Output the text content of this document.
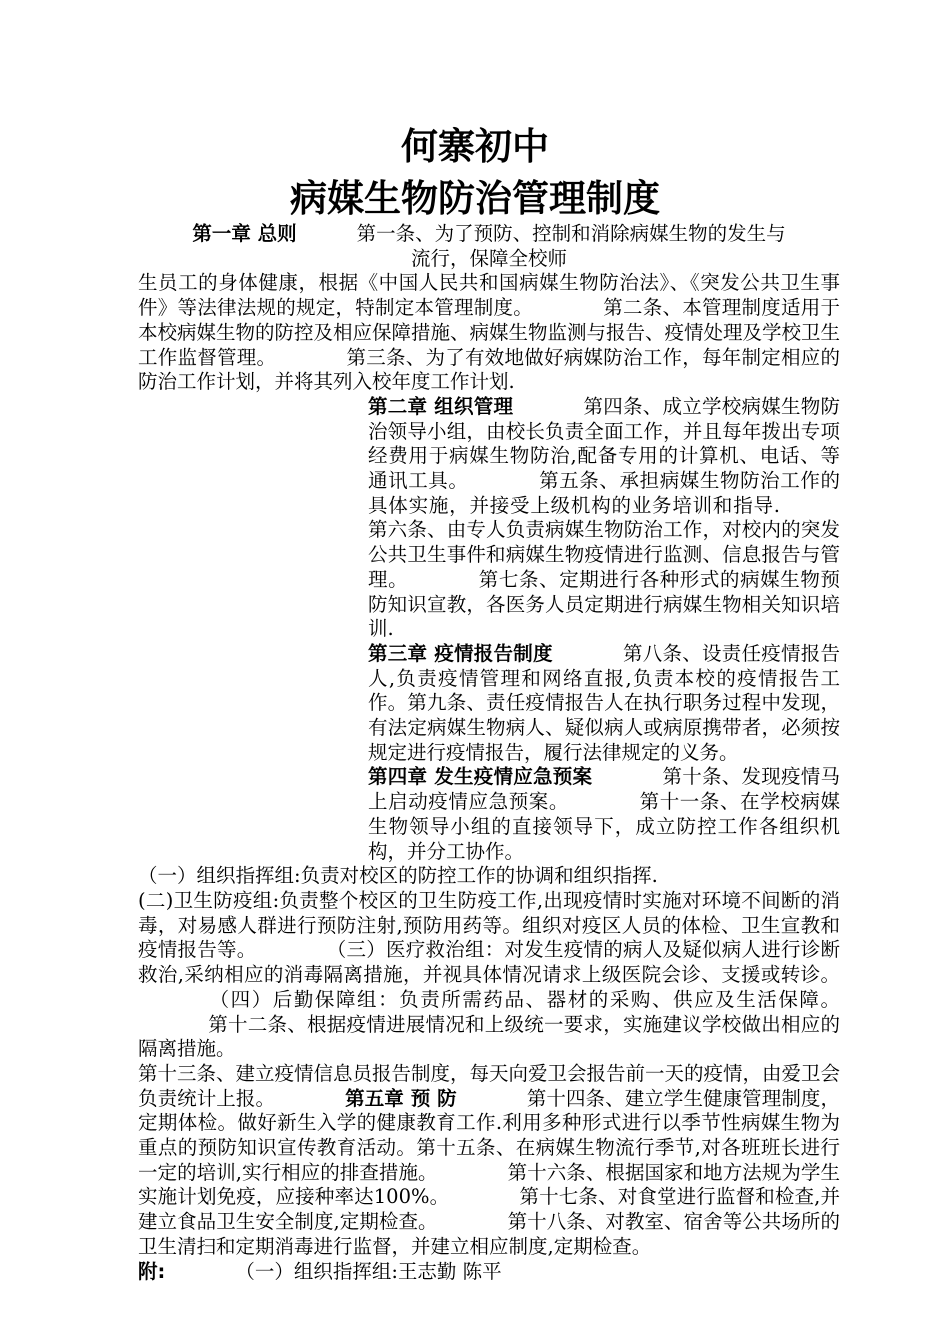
何寨初中
病媒生物防治管理制度

第一章 总则	第一条、为了预防、控制和消除病媒生物的发生与

流行，保障全校师

生员工的身体健康，根据《中国人民共和国病媒生物防治法》、《突发公共卫生事件》等法律法规的规定，特制定本管理制度。	第二条、本管理制度适用于本校病媒生物的防控及相应保障措施、病媒生物监测与报告、疫情处理及学校卫生工作监督管理。	第三条、为了有效地做好病媒防治工作，每年制定相应的防治工作计划，并将其列入校年度工作计划.

第二章 组织管理	第四条、成立学校病媒生物防治领导小组，由校长负责全面工作，并且每年拨出专项经费用于病媒生物防治,配备专用的计算机、电话、等通讯工具。	第五条、承担病媒生物防治工作的具体实施，并接受上级机构的业务培训和指导.第六条、由专人负责病媒生物防治工作，对校内的突发公共卫生事件和病媒生物疫情进行监测、信息报告与管理。	第七条、定期进行各种形式的病媒生物预防知识宣教，各医务人员定期进行病媒生物相关知识培训.

第三章 疫情报告制度	第八条、设责任疫情报告人,负责疫情管理和网络直报,负责本校的疫情报告工作。第九条、责任疫情报告人在执行职务过程中发现，有法定病媒生物病人、疑似病人或病原携带者，必须按规定进行疫情报告，履行法律规定的义务。

第四章 发生疫情应急预案	第十条、发现疫情马上启动疫情应急预案。	第十一条、在学校病媒生物领导小组的直接领导下，成立防控工作各组织机构，并分工协作。

（一）组织指挥组:负责对校区的防控工作的协调和组织指挥.

(二)卫生防疫组:负责整个校区的卫生防疫工作,出现疫情时实施对环境不间断的消毒，对易感人群进行预防注射,预防用药等。组织对疫区人员的体检、卫生宣教和疫情报告等。	（三）医疗救治组：对发生疫情的病人及疑似病人进行诊断救治,采纳相应的消毒隔离措施，并视具体情况请求上级医院会诊、支援或转诊。（四）后勤保障组：负责所需药品、器材的采购、供应及生活保障。第十二条、根据疫情进展情况和上级统一要求，实施建议学校做出相应的隔离措施。

第十三条、建立疫情信息员报告制度，每天向爱卫会报告前一天的疫情，由爱卫会负责统计上报。	第五章 预 防	第十四条、建立学生健康管理制度，定期体检。做好新生入学的健康教育工作.利用多种形式进行以季节性病媒生物为重点的预防知识宣传教育活动。第十五条、在病媒生物流行季节,对各班班长进行一定的培训,实行相应的排查措施。	第十六条、根据国家和地方法规为学生实施计划免疫，应接种率达100%。	第十七条、对食堂进行监督和检查,并建立食品卫生安全制度,定期检查。	第十八条、对教室、宿舍等公共场所的卫生清扫和定期消毒进行监督，并建立相应制度,定期检查。

附:	（一）组织指挥组:王志勤 陈平
